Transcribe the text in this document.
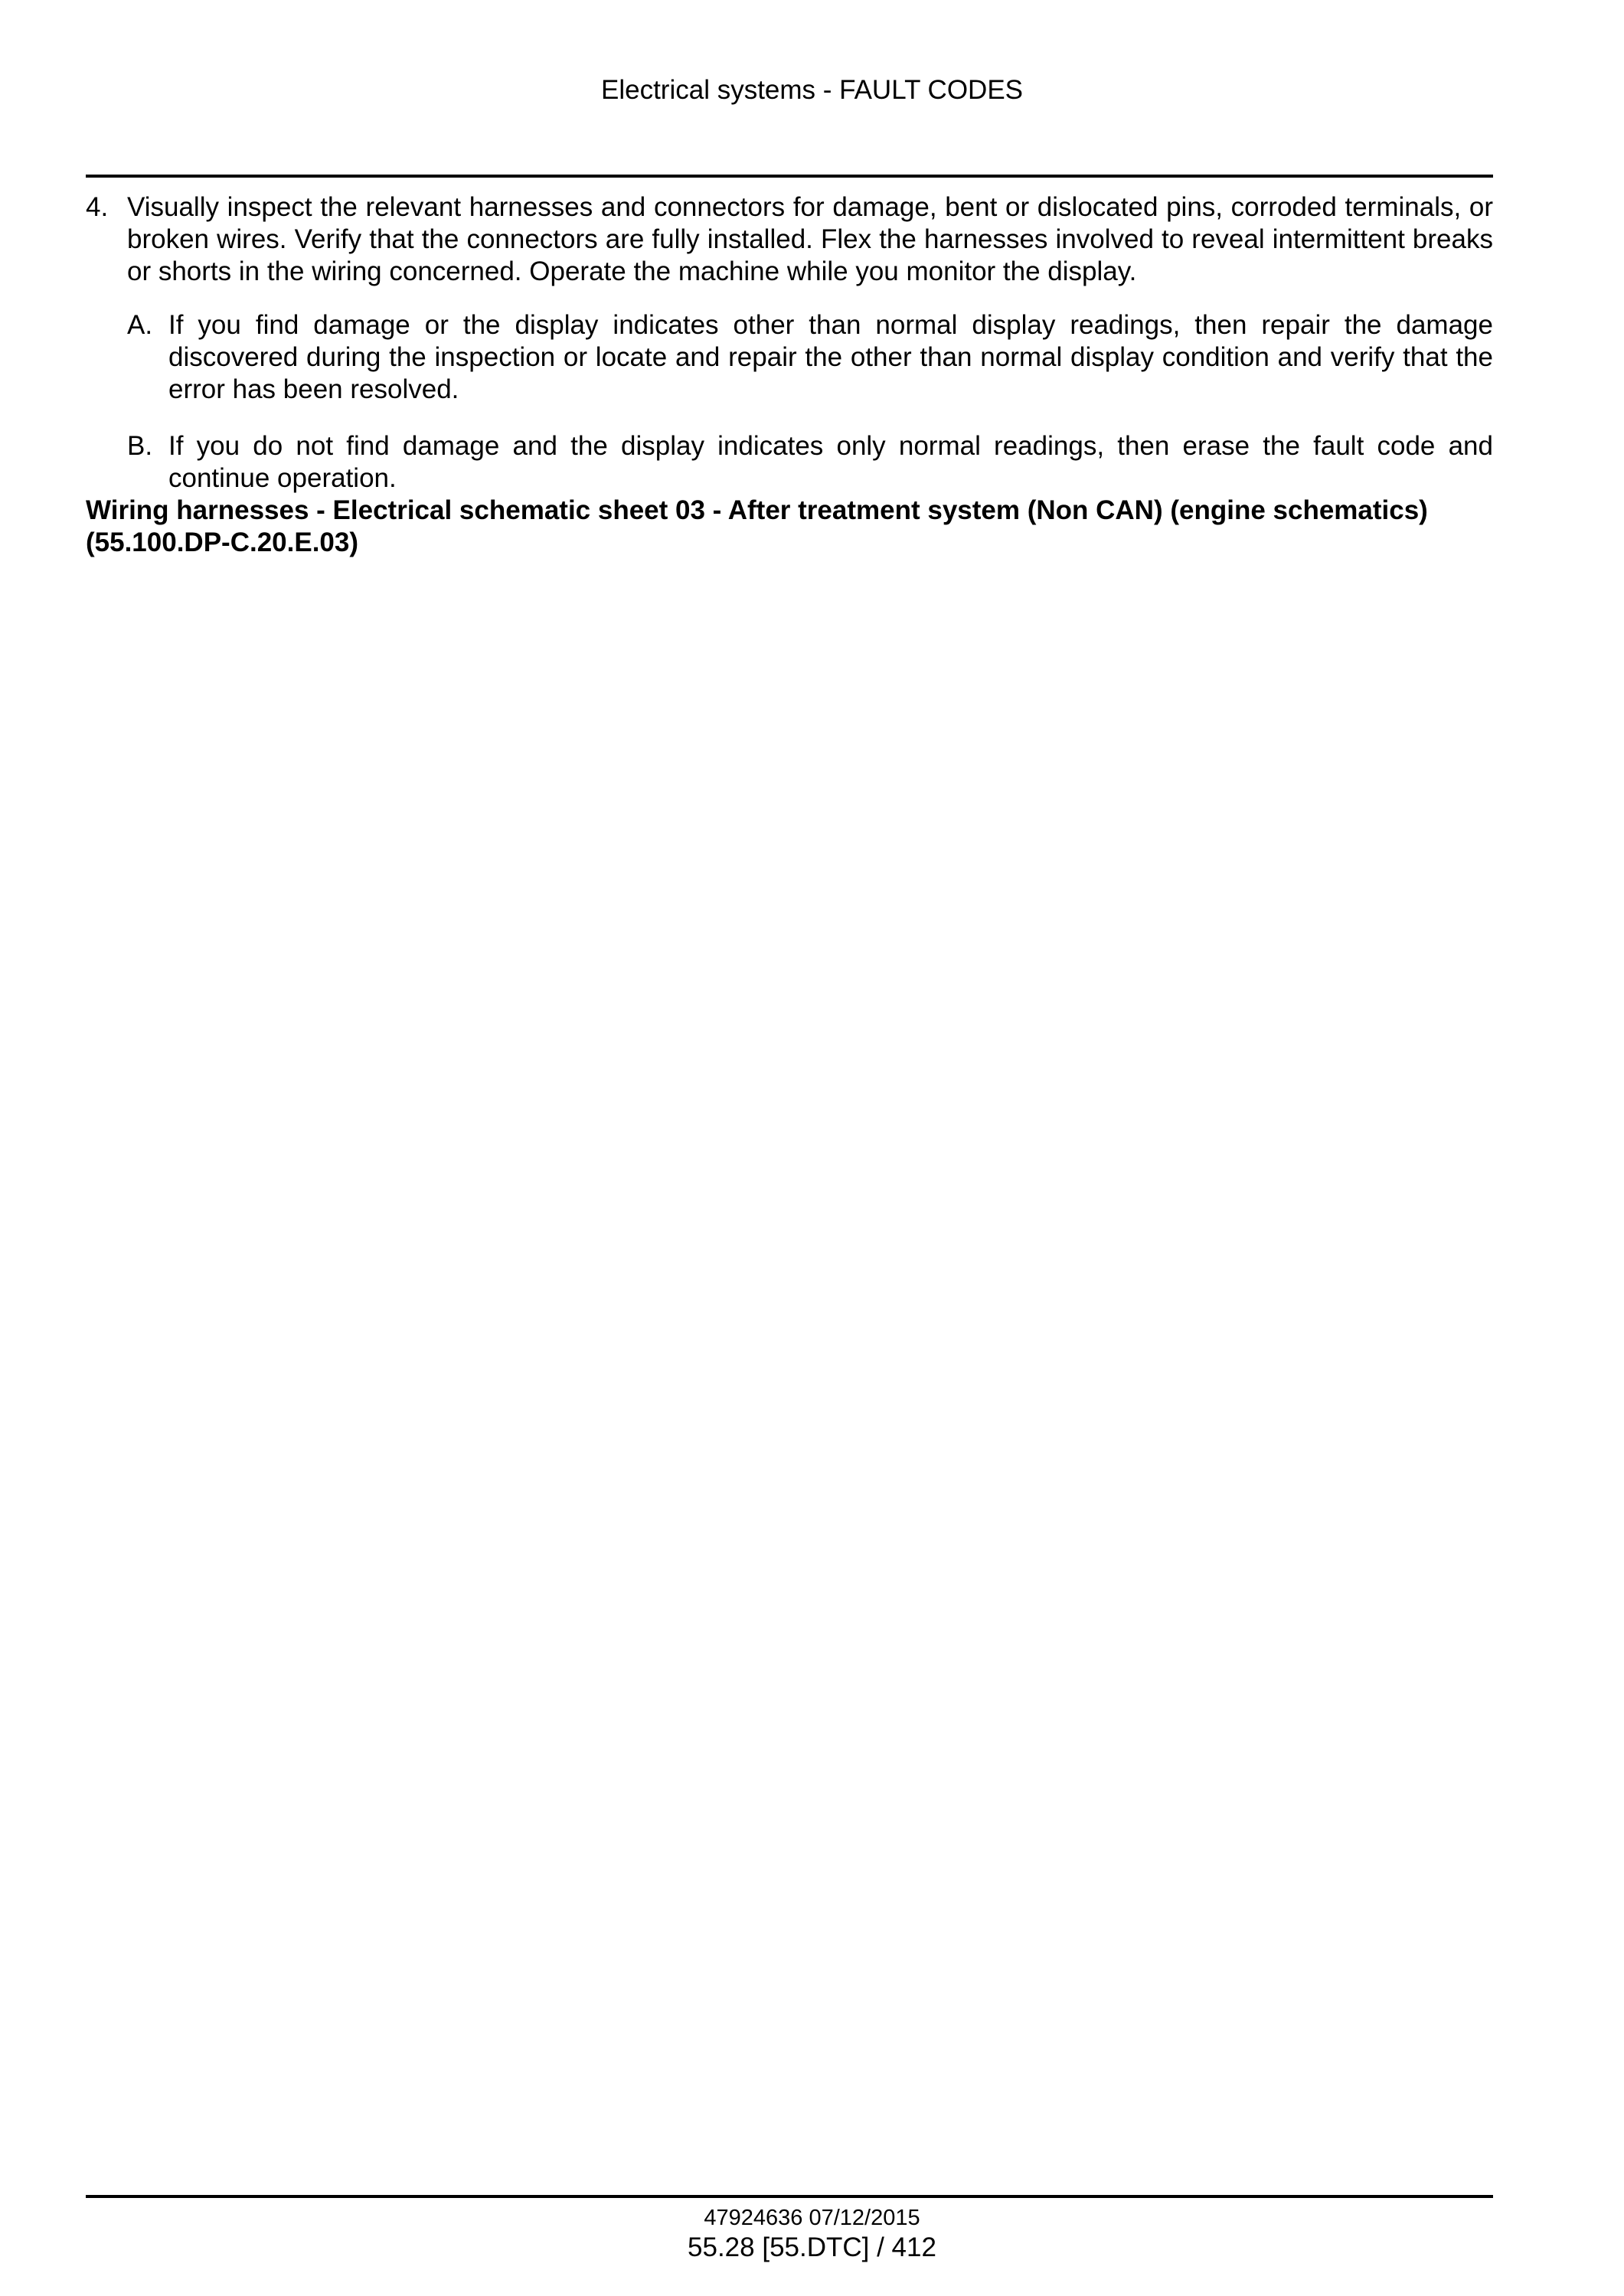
Electrical systems - FAULT CODES
4. Visually inspect the relevant harnesses and connectors for damage, bent or dislocated pins, corroded terminals, or broken wires. Verify that the connectors are fully installed. Flex the harnesses involved to reveal intermittent breaks or shorts in the wiring concerned. Operate the machine while you monitor the display.
A. If you find damage or the display indicates other than normal display readings, then repair the damage discovered during the inspection or locate and repair the other than normal display condition and verify that the error has been resolved.
B. If you do not find damage and the display indicates only normal readings, then erase the fault code and continue operation.
Wiring harnesses - Electrical schematic sheet 03 - After treatment system (Non CAN) (engine schematics) (55.100.DP-C.20.E.03)
47924636 07/12/2015
55.28 [55.DTC] / 412
